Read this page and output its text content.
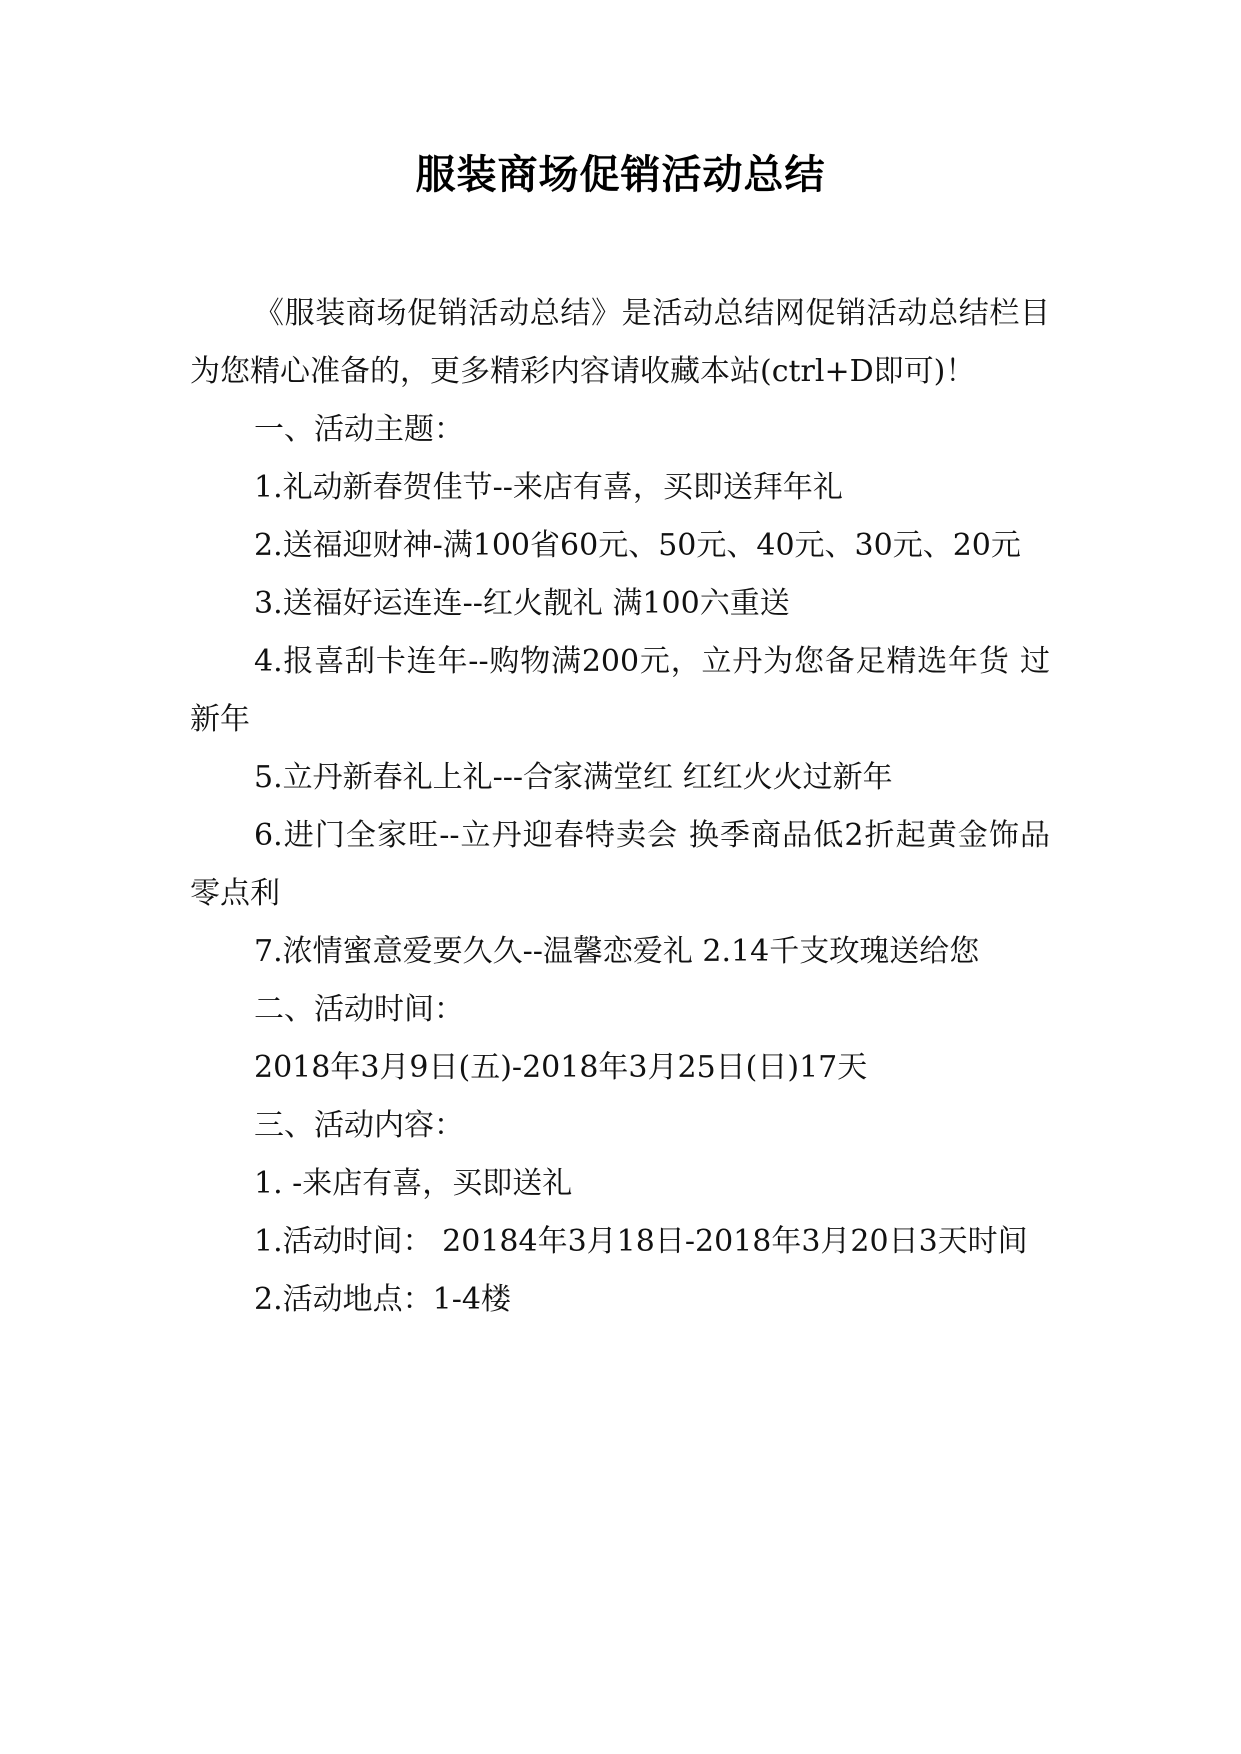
服装商场促销活动总结

《服装商场促销活动总结》是活动总结网促销活动总结栏目为您精心准备的，更多精彩内容请收藏本站(ctrl+D即可)！

一、活动主题：

1.礼动新春贺佳节--来店有喜，买即送拜年礼

2.送福迎财神-满100省60元、50元、40元、30元、20元

3.送福好运连连--红火靓礼 满100六重送

4.报喜刮卡连年--购物满200元，立丹为您备足精选年货 过新年

5.立丹新春礼上礼---合家满堂红 红红火火过新年

6.进门全家旺--立丹迎春特卖会 换季商品低2折起黄金饰品零点利

7.浓情蜜意爱要久久--温馨恋爱礼 2.14千支玫瑰送给您

二、活动时间：

2018年3月9日(五)-2018年3月25日(日)17天

三、活动内容：

1. -来店有喜，买即送礼

1.活动时间： 20184年3月18日-2018年3月20日3天时间

2.活动地点：1-4楼
